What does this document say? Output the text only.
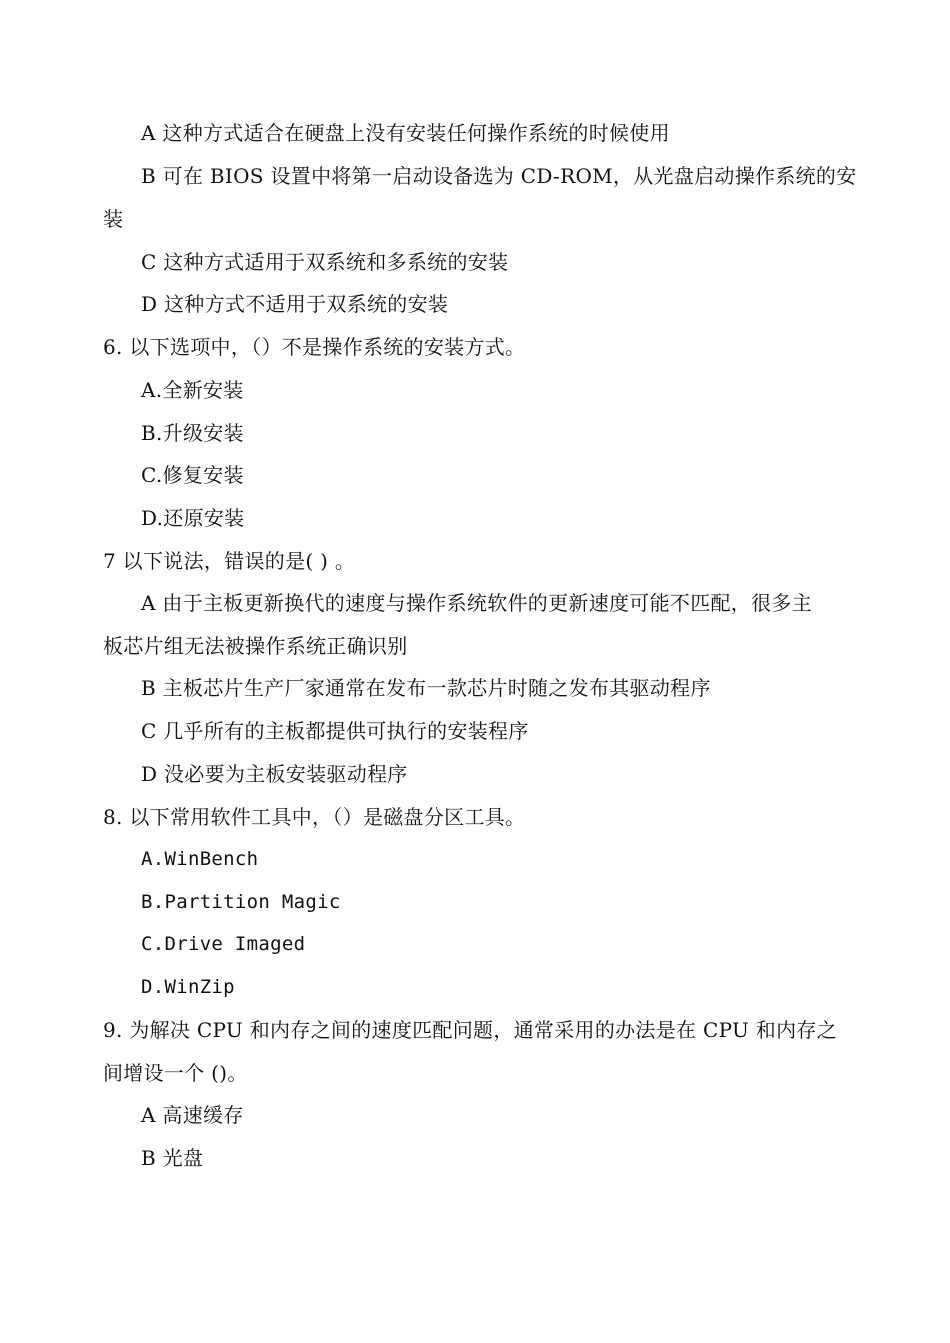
A 这种方式适合在硬盘上没有安装任何操作系统的时候使用
B 可在 BIOS 设置中将第一启动设备选为 CD-ROM，从光盘启动操作系统的安
装
C 这种方式适用于双系统和多系统的安装
D 这种方式不适用于双系统的安装
6. 以下选项中，（）不是操作系统的安装方式。
A.全新安装
B.升级安装
C.修复安装
D.还原安装
7 以下说法，错误的是( ) 。
A 由于主板更新换代的速度与操作系统软件的更新速度可能不匹配，很多主
板芯片组无法被操作系统正确识别
B 主板芯片生产厂家通常在发布一款芯片时随之发布其驱动程序
C 几乎所有的主板都提供可执行的安装程序
D 没必要为主板安装驱动程序
8. 以下常用软件工具中，（）是磁盘分区工具。
A.WinBench
B.Partition Magic
C.Drive Imaged
D.WinZip
9. 为解决 CPU 和内存之间的速度匹配问题，通常采用的办法是在 CPU 和内存之
间增设一个 ()。
A 高速缓存
B 光盘
